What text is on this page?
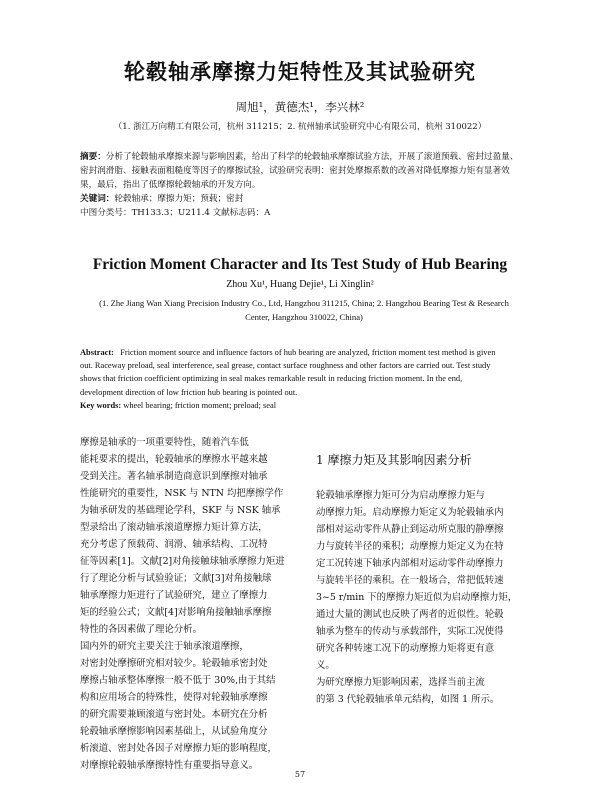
轮毂轴承摩擦力矩特性及其试验研究
周旭¹，黄德杰¹，李兴林²
（1. 浙江万向精工有限公司，杭州 311215；2. 杭州轴承试验研究中心有限公司，杭州 310022）
摘要：分析了轮毂轴承摩擦来源与影响因素，给出了科学的轮毂轴承摩擦试验方法，开展了滚道预载、密封过盈量、
密封润滑脂、接触表面粗糙度等因子的摩擦试验，试验研究表明：密封处摩擦系数的改善对降低摩擦力矩有显著效
果，最后，指出了低摩擦轮毂轴承的开发方向。
关键词：轮毂轴承；摩擦力矩；预载；密封
中图分类号：TH133.3；U211.4 文献标志码：A
Friction Moment Character and Its Test Study of Hub Bearing
Zhou Xu¹, Huang Dejie¹, Li Xinglin²
(1. Zhe Jiang Wan Xiang Precision Industry Co., Ltd, Hangzhou 311215, China; 2. Hangzhou Bearing Test & Research
Center, Hangzhou 310022, China)
Abstract: Friction moment source and influence factors of hub bearing are analyzed, friction moment test method is given
out. Raceway preload, seal interference, seal grease, contact surface roughness and other factors are carried out. Test study
shows that friction coefficient optimizing in seal makes remarkable result in reducing friction moment. In the end,
development direction of low friction hub bearing is pointed out.
Key words: wheel bearing; friction moment; preload; seal
摩擦是轴承的一项重要特性，随着汽车低
能耗要求的提出，轮毂轴承的摩擦水平越来越
受到关注。著名轴承制造商意识到摩擦对轴承
性能研究的重要性，NSK 与 NTN 均把摩擦学作
为轴承研发的基础理论学科，SKF 与 NSK 轴承
型录给出了滚动轴承滚道摩擦力矩计算方法，
充分考虑了预载荷、润滑、轴承结构、工况特
征等因素[1]。文献[2]对角接触球轴承摩擦力矩进
行了理论分析与试验验证；文献[3]对角接触球
轴承摩擦力矩进行了试验研究，建立了摩擦力
矩的经验公式；文献[4]对影响角接触轴承摩擦
特性的各因素做了理论分析。
国内外的研究主要关注于轴承滚道摩擦，
对密封处摩擦研究相对较少。轮毂轴承密封处
摩擦占轴承整体摩擦一般不低于 30%,由于其结
构和应用场合的特殊性，使得对轮毂轴承摩擦
的研究需要兼顾滚道与密封处。本研究在分析
轮毂轴承摩擦影响因素基础上，从试验角度分
析滚道、密封处各因子对摩擦力矩的影响程度，
对摩擦轮毂轴承摩擦特性有重要指导意义。
1 摩擦力矩及其影响因素分析
轮毂轴承摩擦力矩可分为启动摩擦力矩与
动摩擦力矩。启动摩擦力矩定义为轮毂轴承内
部相对运动零件从静止到运动所克服的静摩擦
力与旋转半径的乘积；动摩擦力矩定义为在特
定工况转速下轴承内部相对运动零件动摩擦力
与旋转半径的乘积。在一般场合，常把低转速
3~5 r/min 下的摩擦力矩近似为启动摩擦力矩，
通过大量的测试也反映了两者的近似性。轮毂
轴承为整车的传动与承载部件，实际工况使得
研究各种转速工况下的动摩擦力矩将更有意
义。
为研究摩擦力矩影响因素，选择当前主流
的第 3 代轮毂轴承单元结构，如图 1 所示。
57
